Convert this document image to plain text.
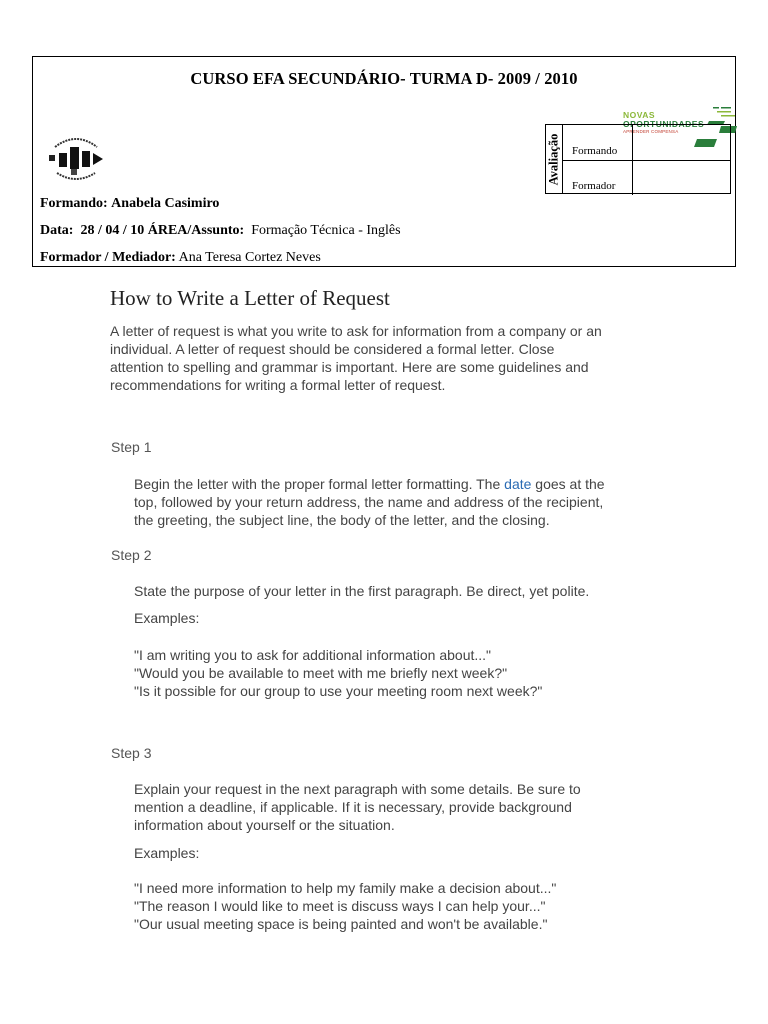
CURSO EFA SECUNDÁRIO- TURMA D- 2009 / 2010
Formando: Anabela Casimiro
Data: 28 / 04 / 10 ÁREA/Assunto: Formação Técnica - Inglês
Formador / Mediador: Ana Teresa Cortez Neves
NOVAS
OPORTUNIDADES
APRENDER COMPENSA
Avaliação Formando
Formador
How to Write a Letter of Request
A letter of request is what you write to ask for information from a company or an
individual. A letter of request should be considered a formal letter. Close
attention to spelling and grammar is important. Here are some guidelines and
recommendations for writing a formal letter of request.
Step 1
Begin the letter with the proper formal letter formatting. The date goes at the
top, followed by your return address, the name and address of the recipient,
the greeting, the subject line, the body of the letter, and the closing.
Step 2
State the purpose of your letter in the first paragraph. Be direct, yet polite.
Examples:
"I am writing you to ask for additional information about..."
"Would you be available to meet with me briefly next week?"
"Is it possible for our group to use your meeting room next week?"
Step 3
Explain your request in the next paragraph with some details. Be sure to
mention a deadline, if applicable. If it is necessary, provide background
information about yourself or the situation.
Examples:
"I need more information to help my family make a decision about..."
"The reason I would like to meet is discuss ways I can help your..."
"Our usual meeting space is being painted and won't be available."
